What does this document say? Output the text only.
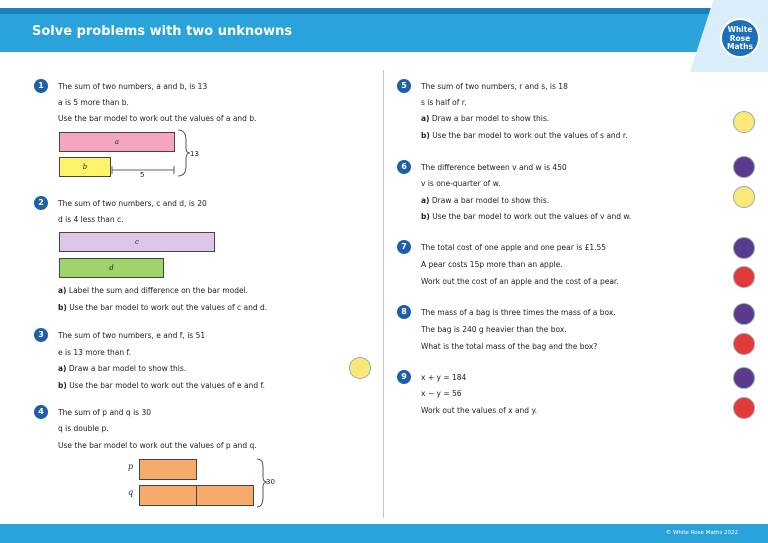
Solve problems with two unknowns	White
Rose
Maths
1	The sum of two numbers, a and b, is 13
a is 5 more than b.
Use the bar model to work out the values of a and b.
a
b
5
13
2	The sum of two numbers, c and d, is 20
d is 4 less than c.
c
d
a) Label the sum and difference on the bar model.
b) Use the bar model to work out the values of c and d.
3	The sum of two numbers, e and f, is 51
e is 13 more than f.
a) Draw a bar model to show this.
b) Use the bar model to work out the values of e and f.
4	The sum of p and q is 30
q is double p.
Use the bar model to work out the values of p and q.
p
q
30
5	The sum of two numbers, r and s, is 18
s is half of r.
a) Draw a bar model to show this.
b) Use the bar model to work out the values of s and r.
6	The difference between v and w is 450
v is one-quarter of w.
a) Draw a bar model to show this.
b) Use the bar model to work out the values of v and w.
7	The total cost of one apple and one pear is £1.55
A pear costs 15p more than an apple.
Work out the cost of an apple and the cost of a pear.
8	The mass of a bag is three times the mass of a box.
The bag is 240 g heavier than the box.
What is the total mass of the bag and the box?
9	x + y = 184
x − y = 56
Work out the values of x and y.
© White Rose Maths 2022
